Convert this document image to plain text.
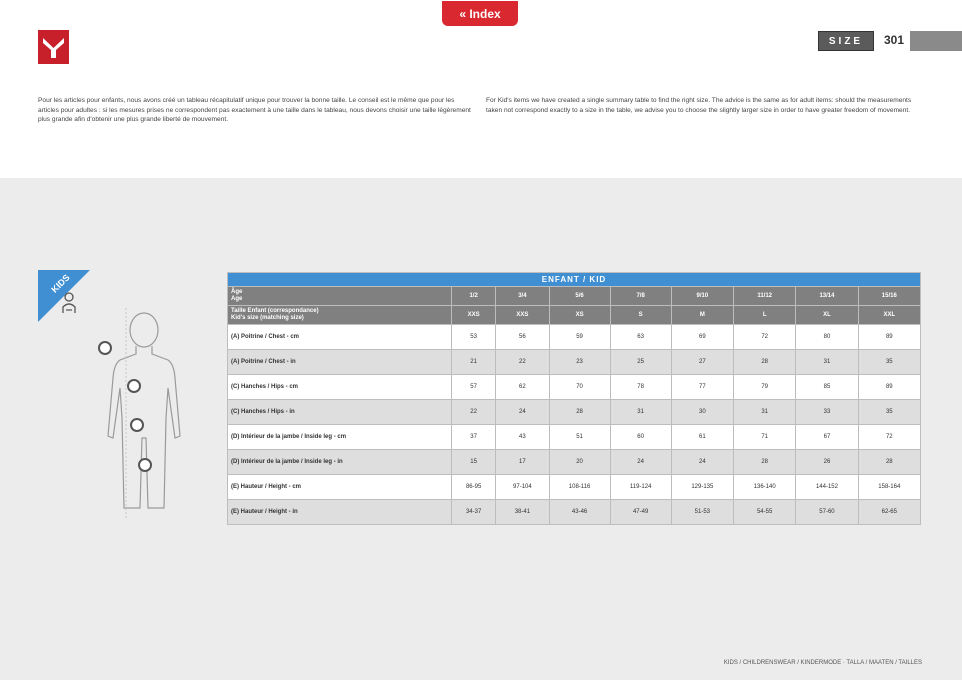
« Index
SIZE	301
Pour les articles pour enfants, nous avons créé un tableau récapitulatif unique pour trouver la bonne taille. Le conseil est le même que pour les articles pour adultes : si les mesures prises ne correspondent pas exactement à une taille dans le tableau, nous devons choisir une taille légèrement plus grande afin d'obtenir une plus grande liberté de mouvement.
For Kid's items we have created a single summary table to find the right size. The advice is the same as for adult items: should the measurements taken not correspond exactly to a size in the table, we advise you to choose the slightly larger size in order to have greater freedom of movement.
KIDS	ENFANT / KID								

Âge
Age	1/2	3/4	5/6	7/8	9/10	11/12	13/14	15/16

Taille Enfant (correspondance)
Kid's size (matching size)	XXS	XXS	XS	S	M	L	XL	XXL
(A) Poitrine / Chest - cm	53	56	59	63	69	72	80	89
(A) Poitrine / Chest - in	21	22	23	25	27	28	31	35
(C) Hanches / Hips - cm	57	62	70	78	77	79	85	89
(C) Hanches / Hips - in	22	24	28	31	30	31	33	35
(D) Intérieur de la jambe / Inside leg - cm	37	43	51	60	61	71	67	72
(D) Intérieur de la jambe / Inside leg - in	15	17	20	24	24	28	26	28
(E) Hauteur / Height - cm	86-95	97-104	108-116	119-124	129-135	136-140	144-152	158-164
(E) Hauteur / Height - in	34-37	38-41	43-46	47-49	51-53	54-55	57-60	62-65
KIDS / CHILDRENSWEAR / KINDERMODE · TALLA / MAATEN / TAILLES
